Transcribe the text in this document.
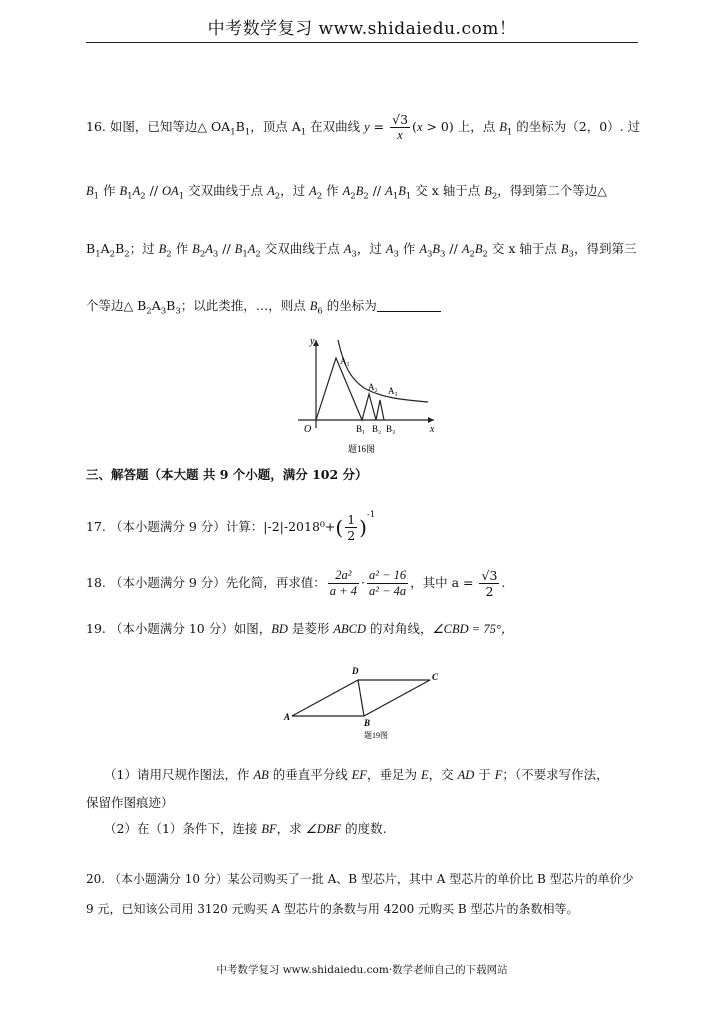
中考数学复习 www.shidaiedu.com！
16. 如图，已知等边△ $OA_1B_1$，顶点 $A_1$ 在双曲线 $y = \frac{√3}{x} (x > 0)$ 上，点 $B_1$ 的坐标为（2，0）. 过
$B_1$ 作 $B_1A_2 // OA_1$ 交双曲线于点 $A_2$，过 $A_2$ 作 $A_2B_2 // A_1B_1$ 交 x 轴于点 $B_2$，得到第二个等边△
$B_1A_2B_2$；过 $B_2$ 作 $B_2A_3 // B_1A_2$ 交双曲线于点 $A_3$，过 $A_3$ 作 $A_3B_3 // A_2B_2$ 交 x 轴于点 $B_3$，得到第三
个等边△ $B_2A_3B_3$；以此类推，…，则点 $B_6$ 的坐标为
y
x
O
A₁
A₂ A₃
B₁ B₂ B₃
题16图
三、解答题（本大题 共 9 个小题，满分 102 分）
17. （本小题满分 9 分）计算：$|-2|-2018^0+( \frac{1}{2} )^{-1}$
18. （本小题满分 9 分）先化简，再求值： $\frac{\text{2a²}}{a + 4} \cdot \frac{\text{a² − 16}}{\text{a² − 4a}}$ ，其中 $a = \frac{√3}{2}$ .
19. （本小题满分 10 分）如图，BD 是菱形 ABCD 的对角线，∠CBD = 75°，
A
B
C
D
题19图
（1）请用尺规作图法，作 AB 的垂直平分线 EF，垂足为 E，交 AD 于 F；（不要求写作法，
保留作图痕迹）
（2）在（1）条件下，连接 BF，求 ∠DBF 的度数.
20. （本小题满分 10 分）某公司购买了一批 A、B 型芯片，其中 A 型芯片的单价比 B 型芯片的单价少
9 元，已知该公司用 3120 元购买 A 型芯片的条数与用 4200 元购买 B 型芯片的条数相等。
中考数学复习 www.shidaiedu.com·数学老师自己的下载网站
